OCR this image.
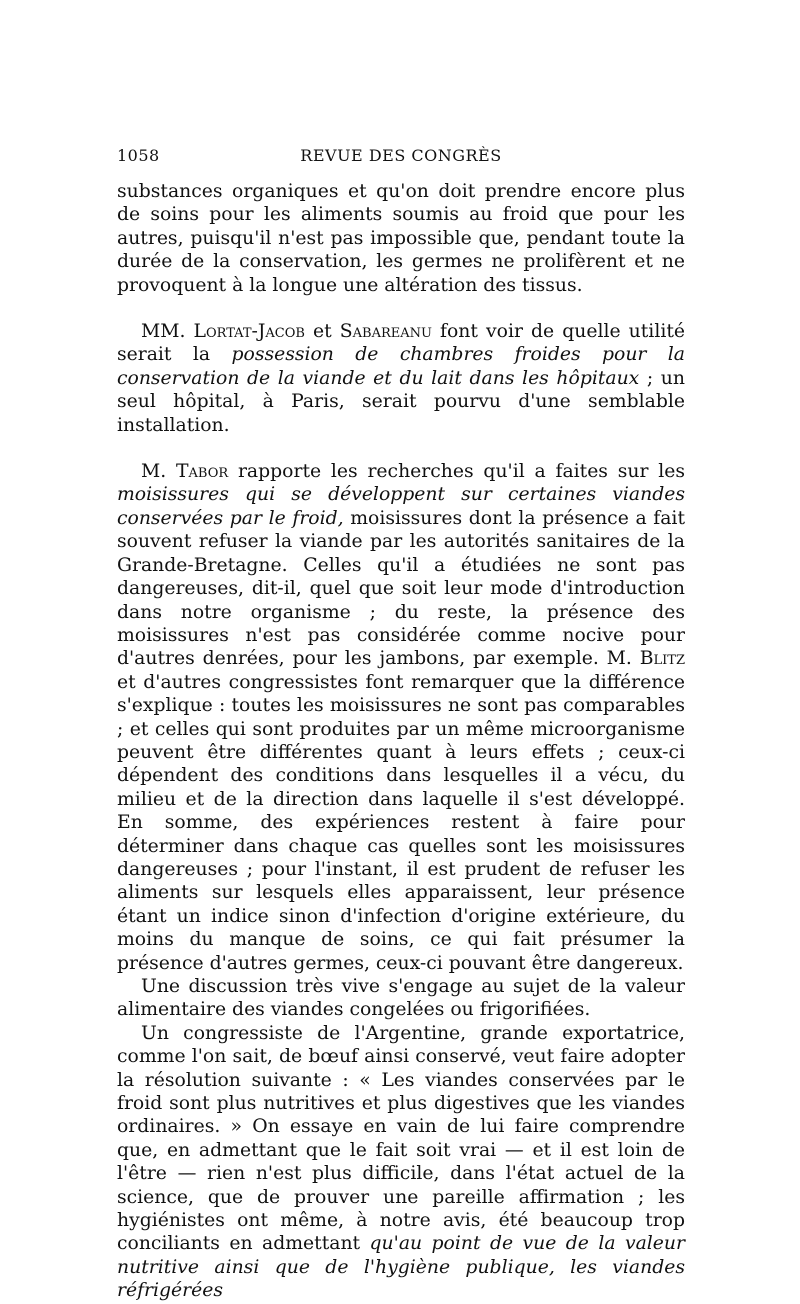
1058	REVUE DES CONGRÈS

substances organiques et qu'on doit prendre encore plus de soins pour les aliments soumis au froid que pour les autres, puisqu'il n'est pas impossible que, pendant toute la durée de la conservation, les germes ne prolifèrent et ne provoquent à la longue une altération des tissus.

MM. Lortat-Jacob et Sabareanu font voir de quelle utilité serait la possession de chambres froides pour la conservation de la viande et du lait dans les hôpitaux ; un seul hôpital, à Paris, serait pourvu d'une semblable installation.

M. Tabor rapporte les recherches qu'il a faites sur les moisissures qui se développent sur certaines viandes conservées par le froid, moisissures dont la présence a fait souvent refuser la viande par les autorités sanitaires de la Grande-Bretagne. Celles qu'il a étudiées ne sont pas dangereuses, dit-il, quel que soit leur mode d'introduction dans notre organisme ; du reste, la présence des moisissures n'est pas considérée comme nocive pour d'autres denrées, pour les jambons, par exemple. M. Blitz et d'autres congressistes font remarquer que la différence s'explique : toutes les moisissures ne sont pas comparables ; et celles qui sont produites par un même microorganisme peuvent être différentes quant à leurs effets ; ceux-ci dépendent des conditions dans lesquelles il a vécu, du milieu et de la direction dans laquelle il s'est développé. En somme, des expériences restent à faire pour déterminer dans chaque cas quelles sont les moisissures dangereuses ; pour l'instant, il est prudent de refuser les aliments sur lesquels elles apparaissent, leur présence étant un indice sinon d'infection d'origine extérieure, du moins du manque de soins, ce qui fait présumer la présence d'autres germes, ceux-ci pouvant être dangereux.

Une discussion très vive s'engage au sujet de la valeur alimentaire des viandes congelées ou frigorifiées.

Un congressiste de l'Argentine, grande exportatrice, comme l'on sait, de bœuf ainsi conservé, veut faire adopter la résolution suivante : « Les viandes conservées par le froid sont plus nutritives et plus digestives que les viandes ordinaires. » On essaye en vain de lui faire comprendre que, en admettant que le fait soit vrai — et il est loin de l'être — rien n'est plus difficile, dans l'état actuel de la science, que de prouver une pareille affirmation ; les hygiénistes ont même, à notre avis, été beaucoup trop conciliants en admettant qu'au point de vue de la valeur nutritive ainsi que de l'hygiène publique, les viandes réfrigérées
